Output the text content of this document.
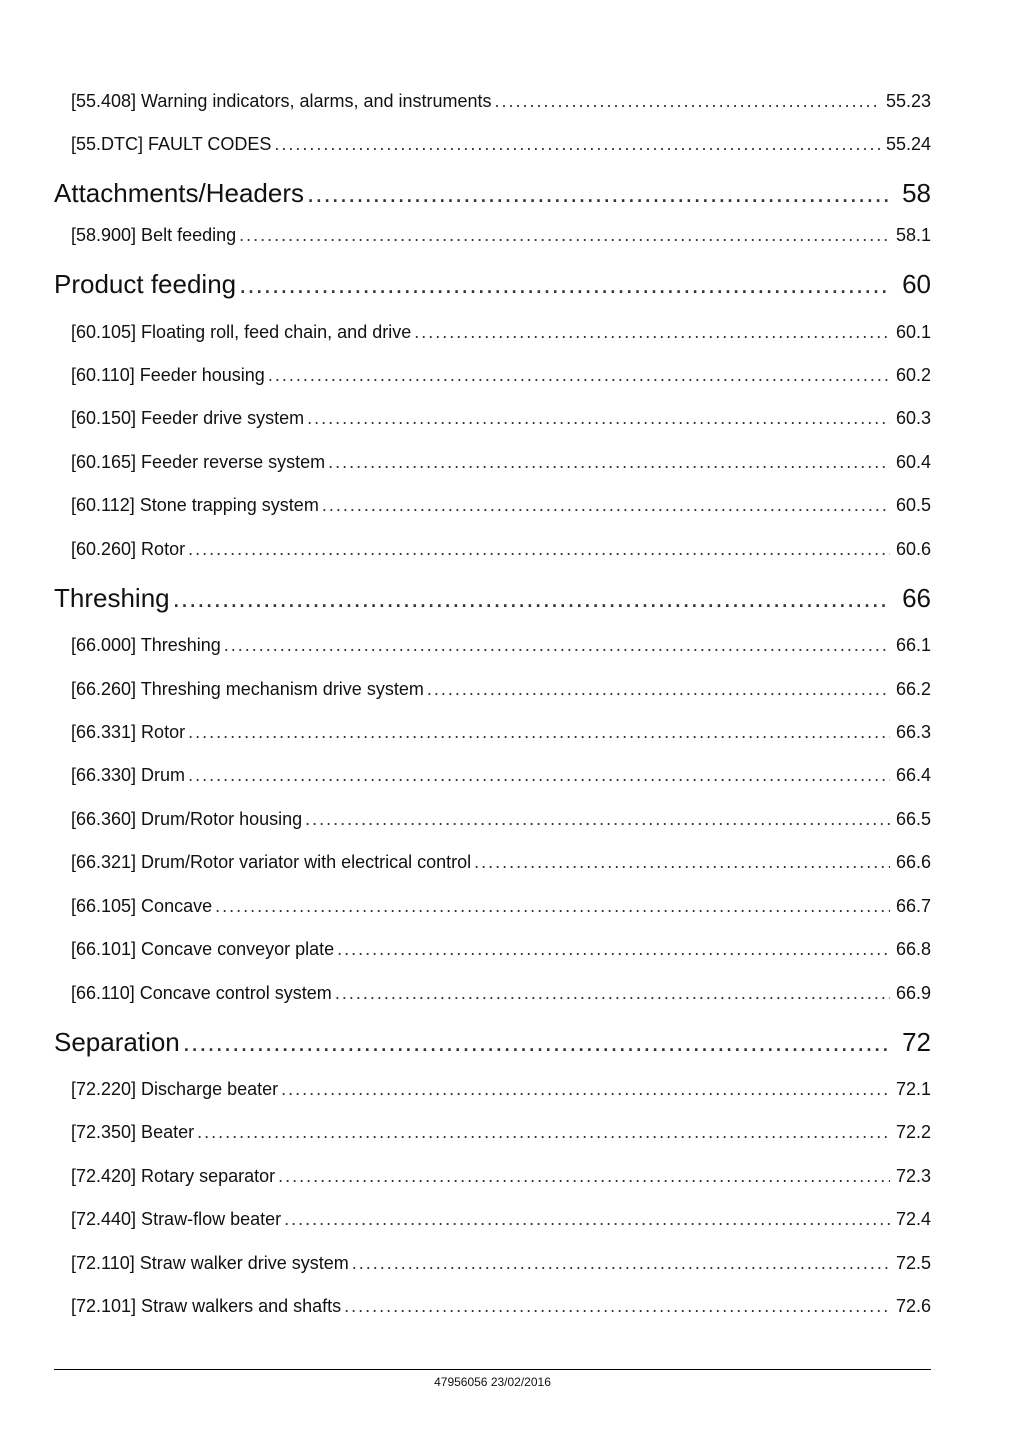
[55.408] Warning indicators, alarms, and instruments .....	55.23
[55.DTC] FAULT CODES .....	55.24
Attachments/Headers .....	58
[58.900] Belt feeding .....	58.1
Product feeding .....	60
[60.105] Floating roll, feed chain, and drive .....	60.1
[60.110] Feeder housing .....	60.2
[60.150] Feeder drive system .....	60.3
[60.165] Feeder reverse system .....	60.4
[60.112] Stone trapping system .....	60.5
[60.260] Rotor .....	60.6
Threshing .....	66
[66.000] Threshing .....	66.1
[66.260] Threshing mechanism drive system .....	66.2
[66.331] Rotor .....	66.3
[66.330] Drum .....	66.4
[66.360] Drum/Rotor housing .....	66.5
[66.321] Drum/Rotor variator with electrical control .....	66.6
[66.105] Concave .....	66.7
[66.101] Concave conveyor plate .....	66.8
[66.110] Concave control system .....	66.9
Separation .....	72
[72.220] Discharge beater .....	72.1
[72.350] Beater .....	72.2
[72.420] Rotary separator .....	72.3
[72.440] Straw-flow beater .....	72.4
[72.110] Straw walker drive system .....	72.5
[72.101] Straw walkers and shafts .....	72.6
47956056 23/02/2016
